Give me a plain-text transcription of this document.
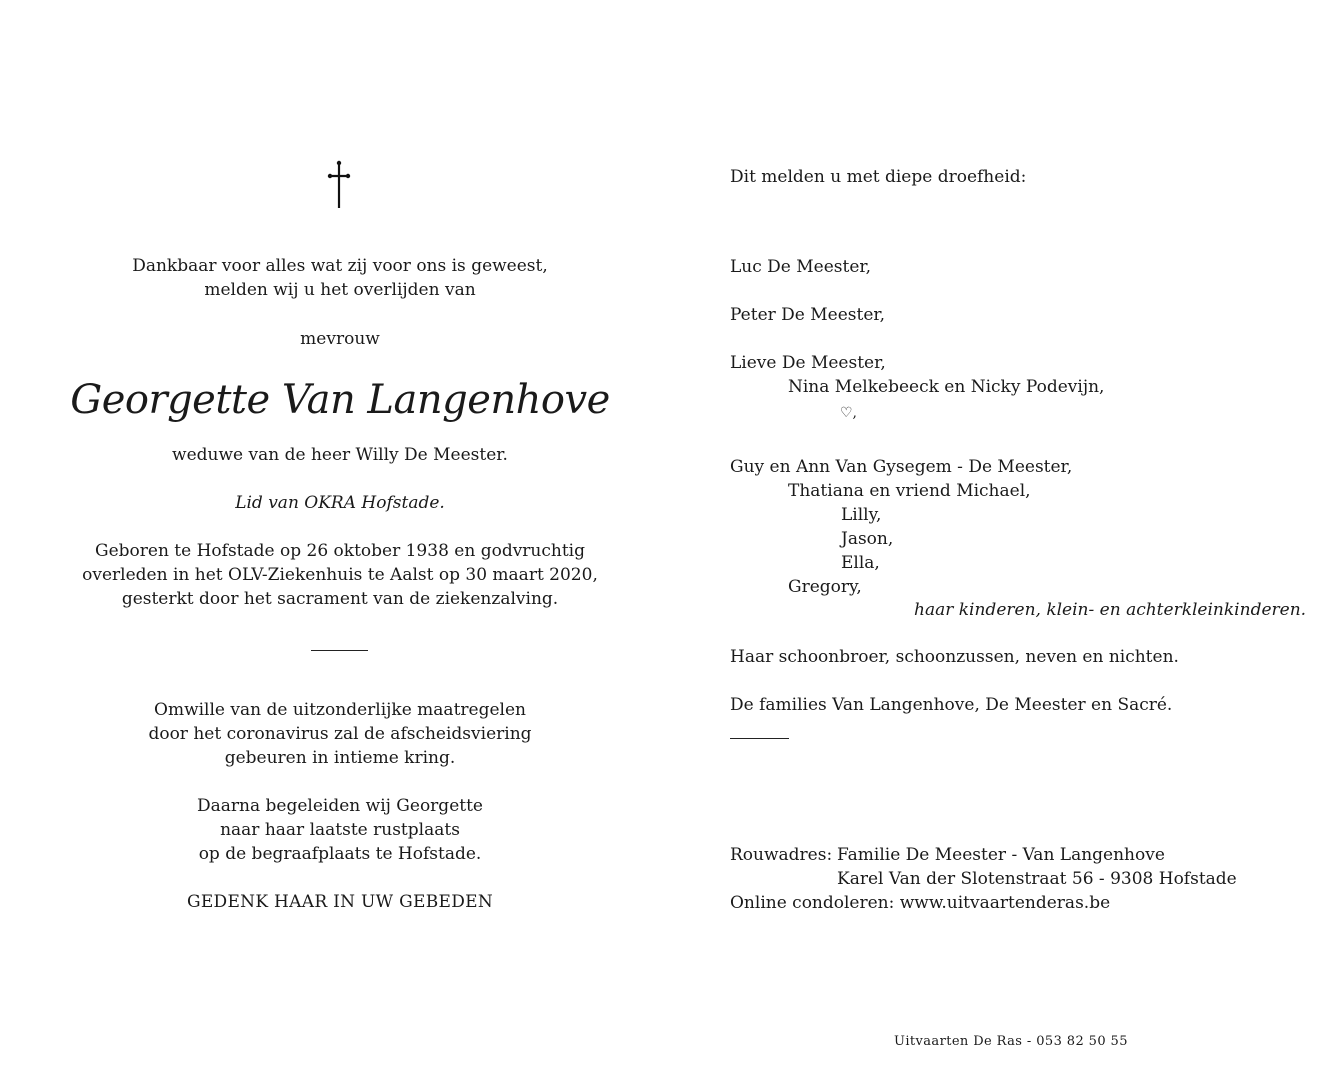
Dankbaar voor alles wat zij voor ons is geweest,
melden wij u het overlijden van
mevrouw
Georgette Van Langenhove
weduwe van de heer Willy De Meester.
Lid van OKRA Hofstade.
Geboren te Hofstade op 26 oktober 1938 en godvruchtig
overleden in het OLV-Ziekenhuis te Aalst op 30 maart 2020,
gesterkt door het sacrament van de ziekenzalving.
Omwille van de uitzonderlijke maatregelen
door het coronavirus zal de afscheidsviering
gebeuren in intieme kring.
Daarna begeleiden wij Georgette
naar haar laatste rustplaats
op de begraafplaats te Hofstade.
GEDENK HAAR IN UW GEBEDEN
Dit melden u met diepe droefheid:
Luc De Meester,
Peter De Meester,
Lieve De Meester,
Nina Melkebeeck en Nicky Podevijn,
♡,
Guy en Ann Van Gysegem - De Meester,
Thatiana en vriend Michael,
Lilly,
Jason,
Ella,
Gregory,
haar kinderen, klein- en achterkleinkinderen.
Haar schoonbroer, schoonzussen, neven en nichten.
De families Van Langenhove, De Meester en Sacré.
Rouwadres: Familie De Meester - Van Langenhove
Karel Van der Slotenstraat 56 - 9308 Hofstade
Online condoleren: www.uitvaartenderas.be
Uitvaarten De Ras - 053 82 50 55
